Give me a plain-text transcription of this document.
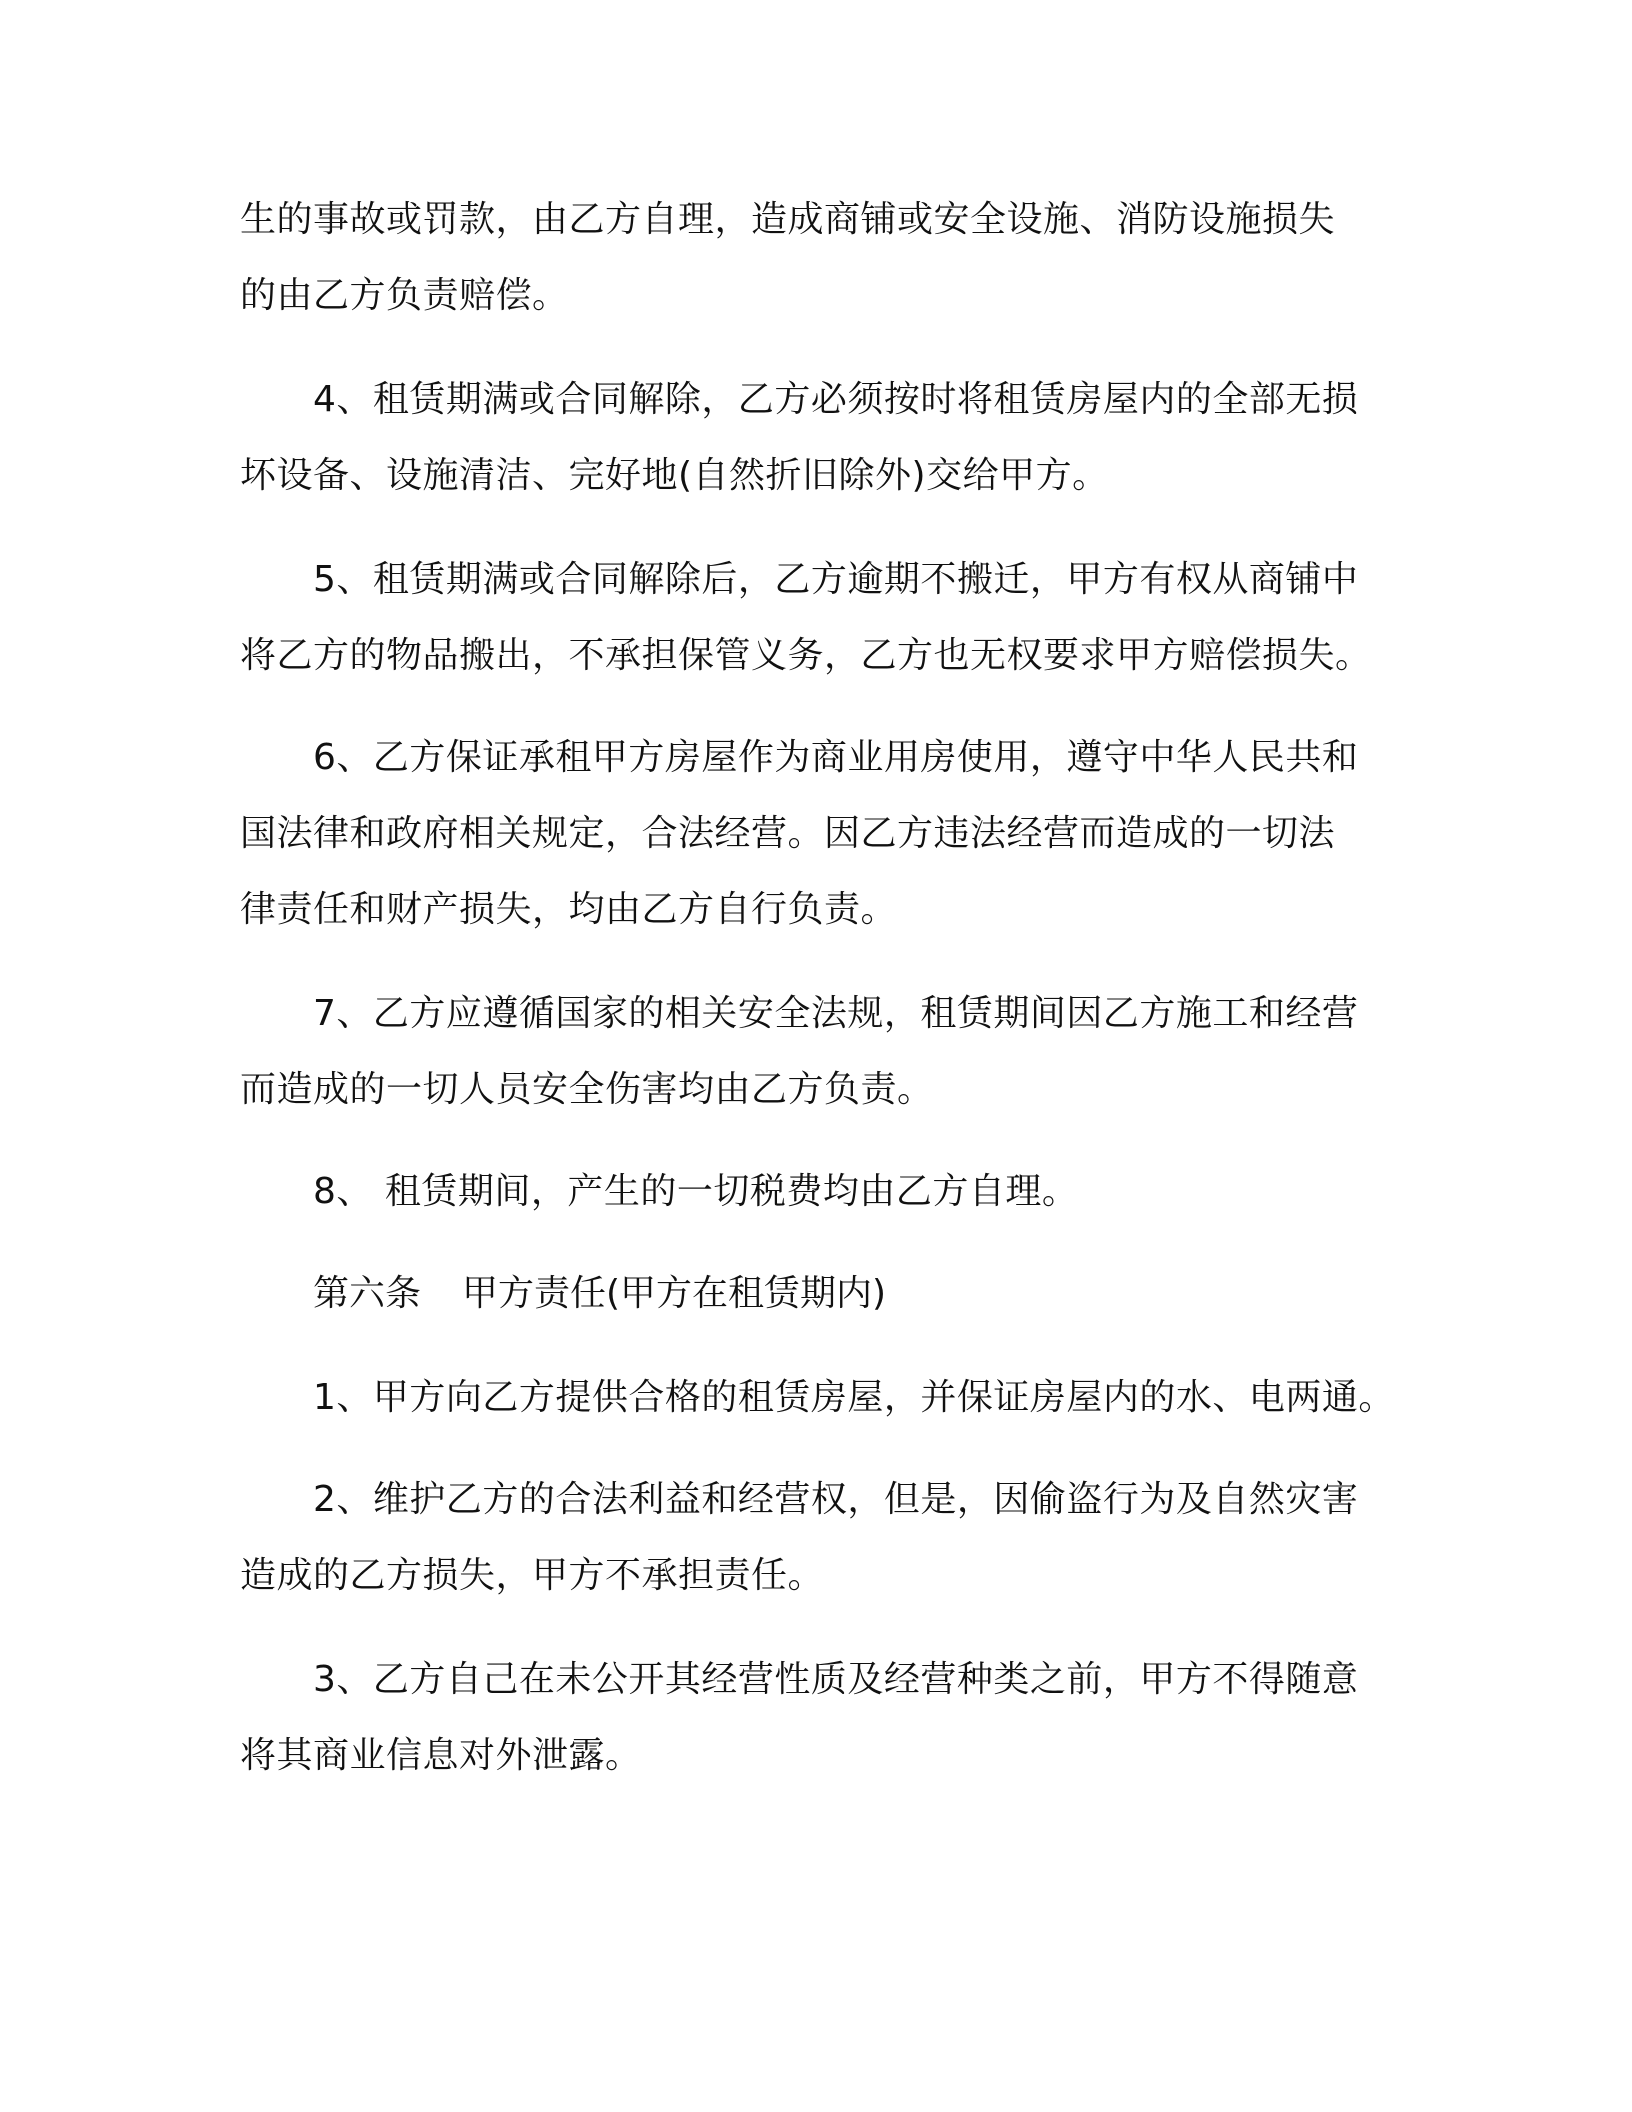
生的事故或罚款，由乙方自理，造成商铺或安全设施、消防设施损失
的由乙方负责赔偿。
4、租赁期满或合同解除，乙方必须按时将租赁房屋内的全部无损
坏设备、设施清洁、完好地(自然折旧除外)交给甲方。
5、租赁期满或合同解除后，乙方逾期不搬迁，甲方有权从商铺中
将乙方的物品搬出，不承担保管义务，乙方也无权要求甲方赔偿损失。
6、乙方保证承租甲方房屋作为商业用房使用，遵守中华人民共和
国法律和政府相关规定，合法经营。因乙方违法经营而造成的一切法
律责任和财产损失，均由乙方自行负责。
7、乙方应遵循国家的相关安全法规，租赁期间因乙方施工和经营
而造成的一切人员安全伤害均由乙方负责。
8、 租赁期间，产生的一切税费均由乙方自理。
第六条 甲方责任(甲方在租赁期内)
1、甲方向乙方提供合格的租赁房屋，并保证房屋内的水、电两通。
2、维护乙方的合法利益和经营权，但是，因偷盗行为及自然灾害
造成的乙方损失，甲方不承担责任。
3、乙方自己在未公开其经营性质及经营种类之前，甲方不得随意
将其商业信息对外泄露。
